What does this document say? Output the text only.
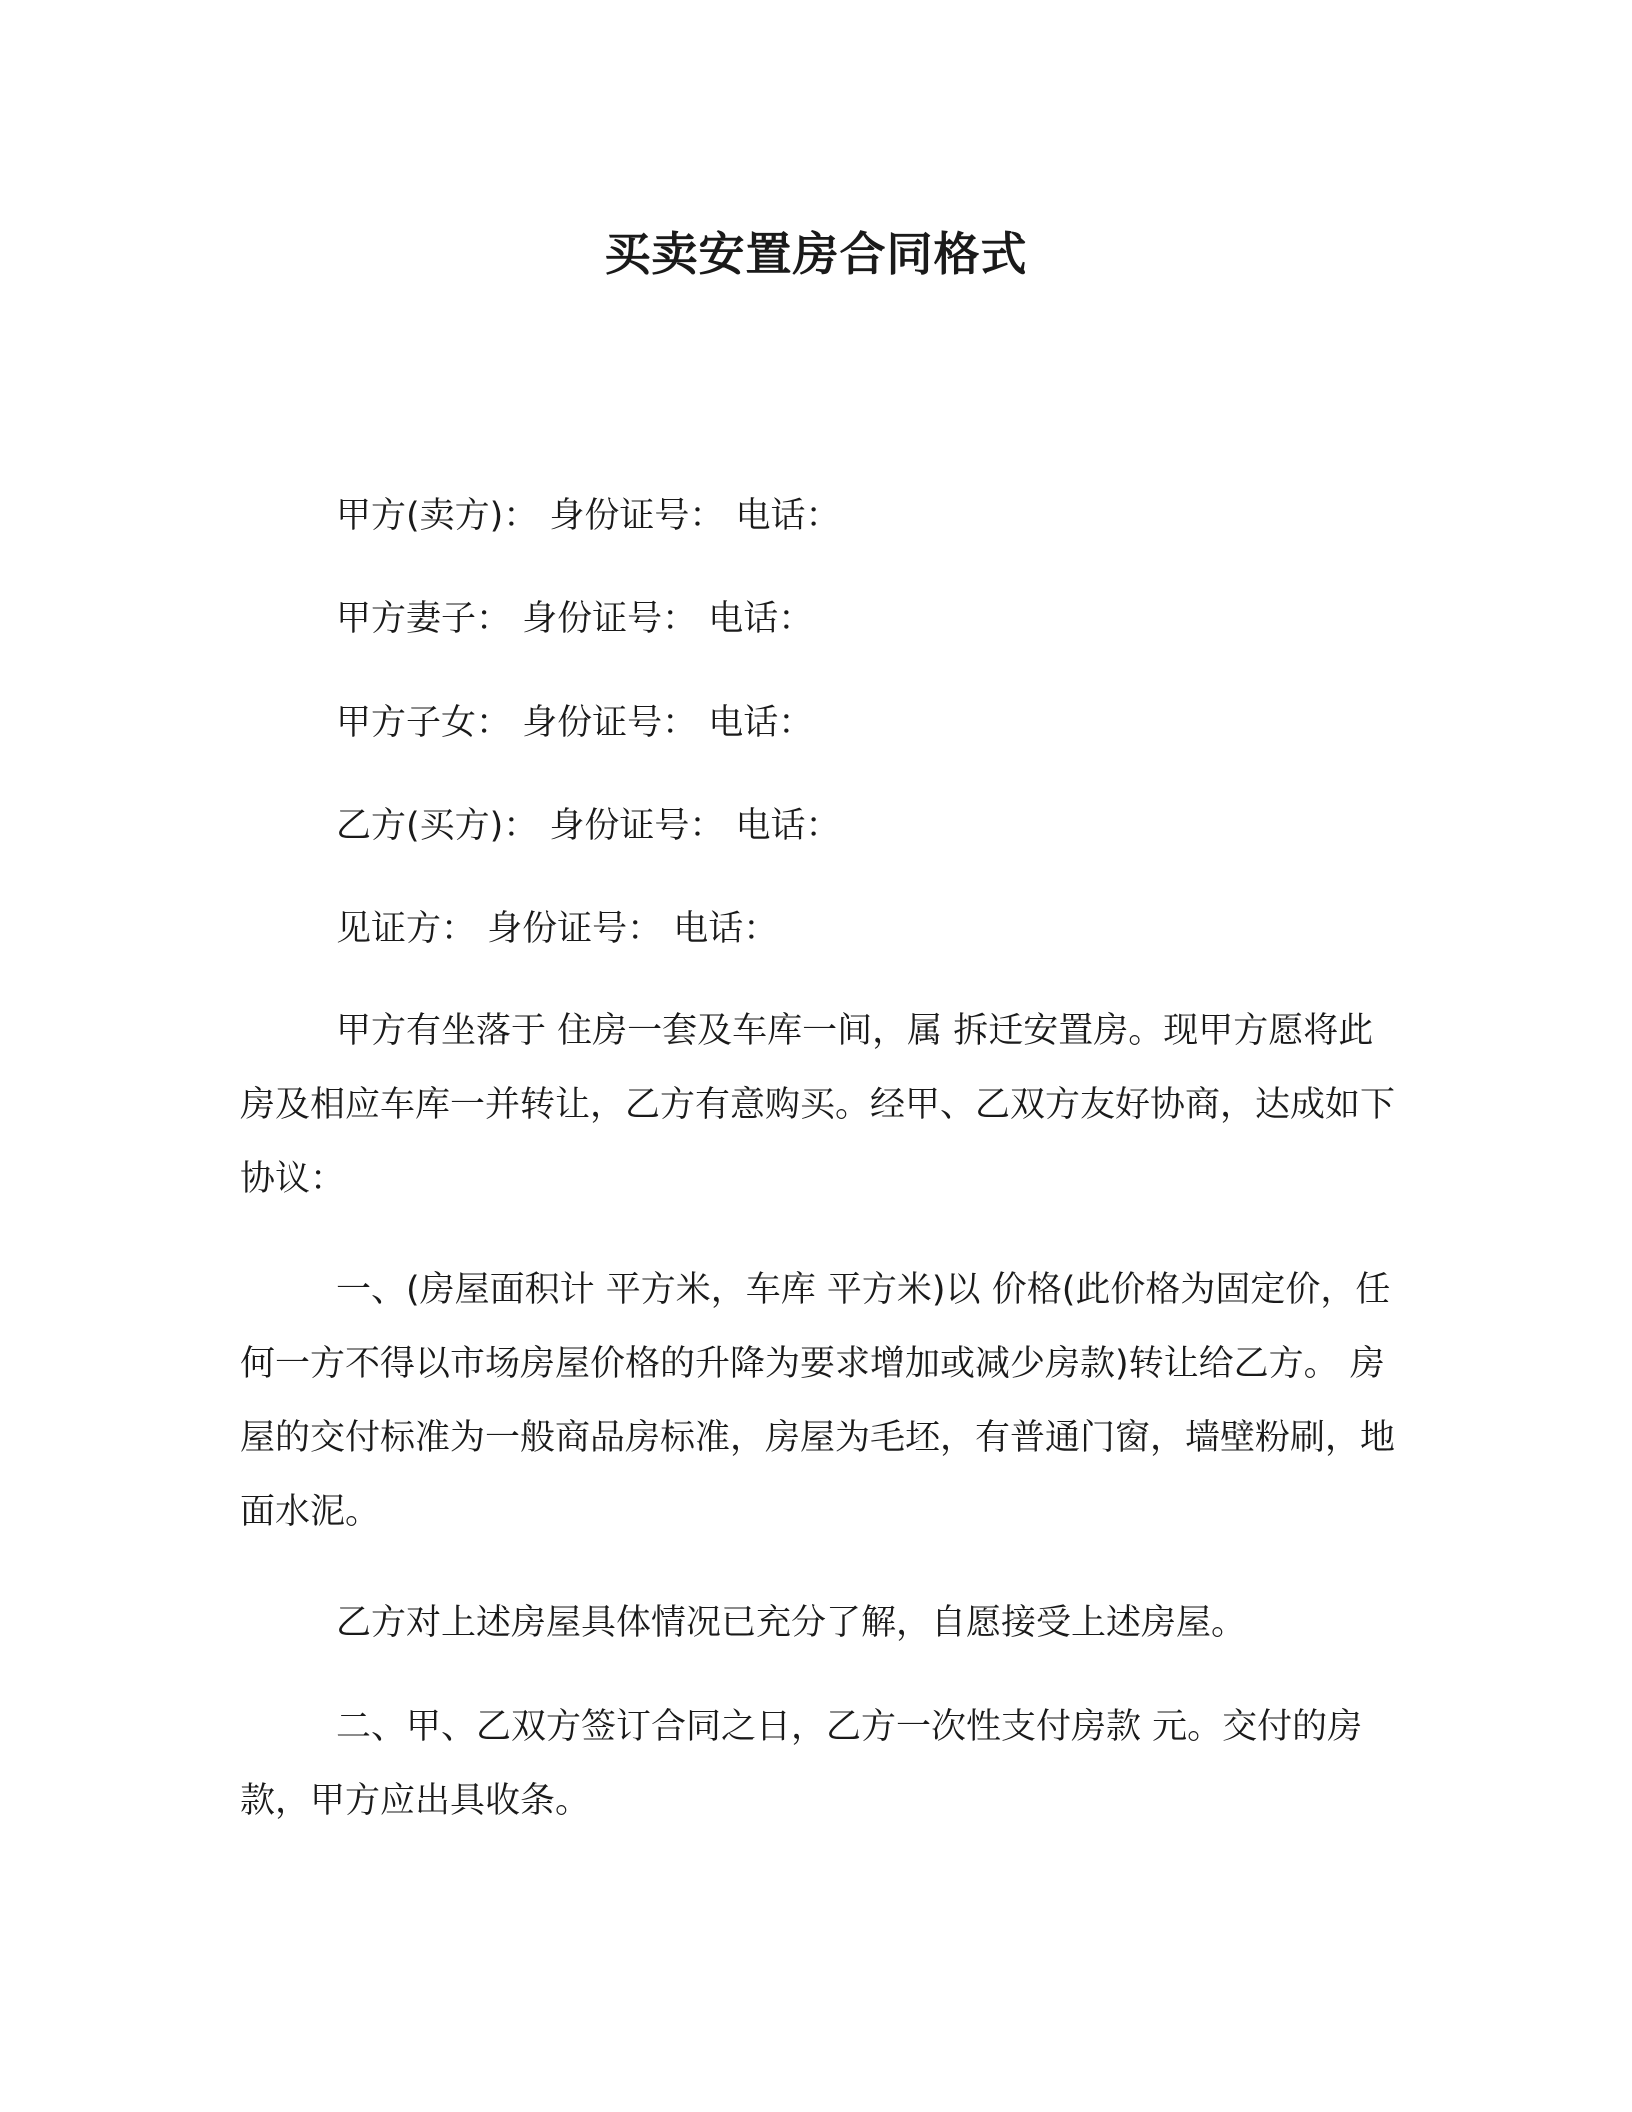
买卖安置房合同格式
甲方(卖方)： 身份证号： 电话：
甲方妻子： 身份证号： 电话：
甲方子女： 身份证号： 电话：
乙方(买方)： 身份证号： 电话：
见证方： 身份证号： 电话：
甲方有坐落于 住房一套及车库一间，属 拆迁安置房。现甲方愿将此房及相应车库一并转让，乙方有意购买。经甲、乙双方友好协商，达成如下协议：
一、(房屋面积计 平方米，车库 平方米)以 价格(此价格为固定价，任何一方不得以市场房屋价格的升降为要求增加或减少房款)转让给乙方。 房屋的交付标准为一般商品房标准，房屋为毛坯，有普通门窗，墙壁粉刷，地面水泥。
乙方对上述房屋具体情况已充分了解，自愿接受上述房屋。
二、甲、乙双方签订合同之日，乙方一次性支付房款 元。交付的房款，甲方应出具收条。
